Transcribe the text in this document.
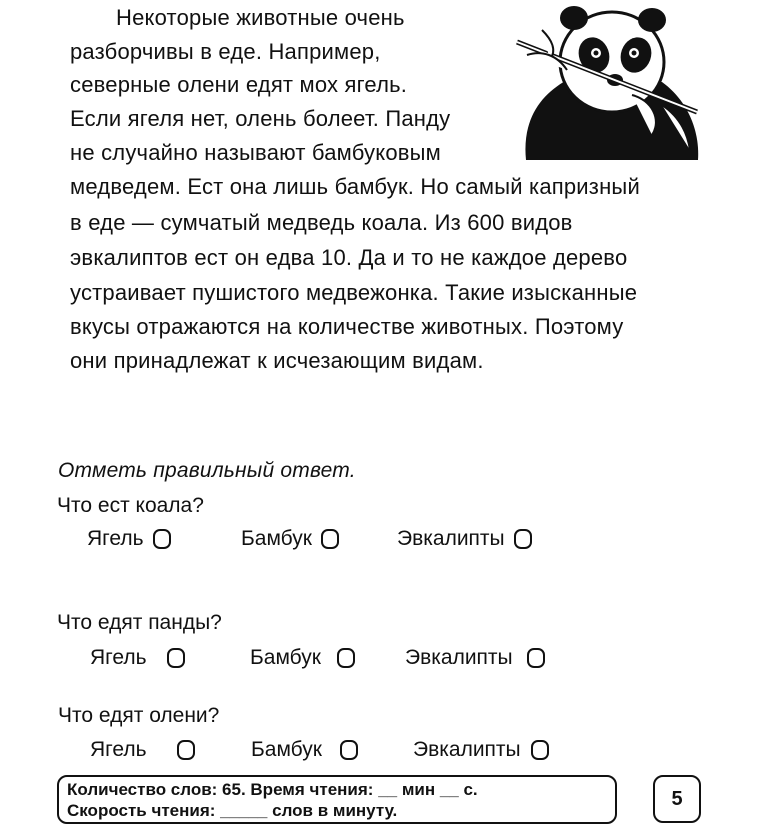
Некоторые животные очень
разборчивы в еде. Например,
северные олени едят мох ягель.
Если ягеля нет, олень болеет. Панду
не случайно называют бамбуковым
медведем. Ест она лишь бамбук. Но самый капризный
в еде — сумчатый медведь коала. Из 600 видов
эвкалиптов ест он едва 10. Да и то не каждое дерево
устраивает пушистого медвежонка. Такие изысканные
вкусы отражаются на количестве животных. Поэтому
они принадлежат к исчезающим видам.
Отметь правильный ответ.
Что ест коала?
Ягель	Бамбук	Эвкалипты
Что едят панды?
Ягель	Бамбук	Эвкалипты
Что едят олени?
Ягель	Бамбук	Эвкалипты
Количество слов: 65. Время чтения: __ мин __ с.
Скорость чтения: _____ слов в минуту.
5
